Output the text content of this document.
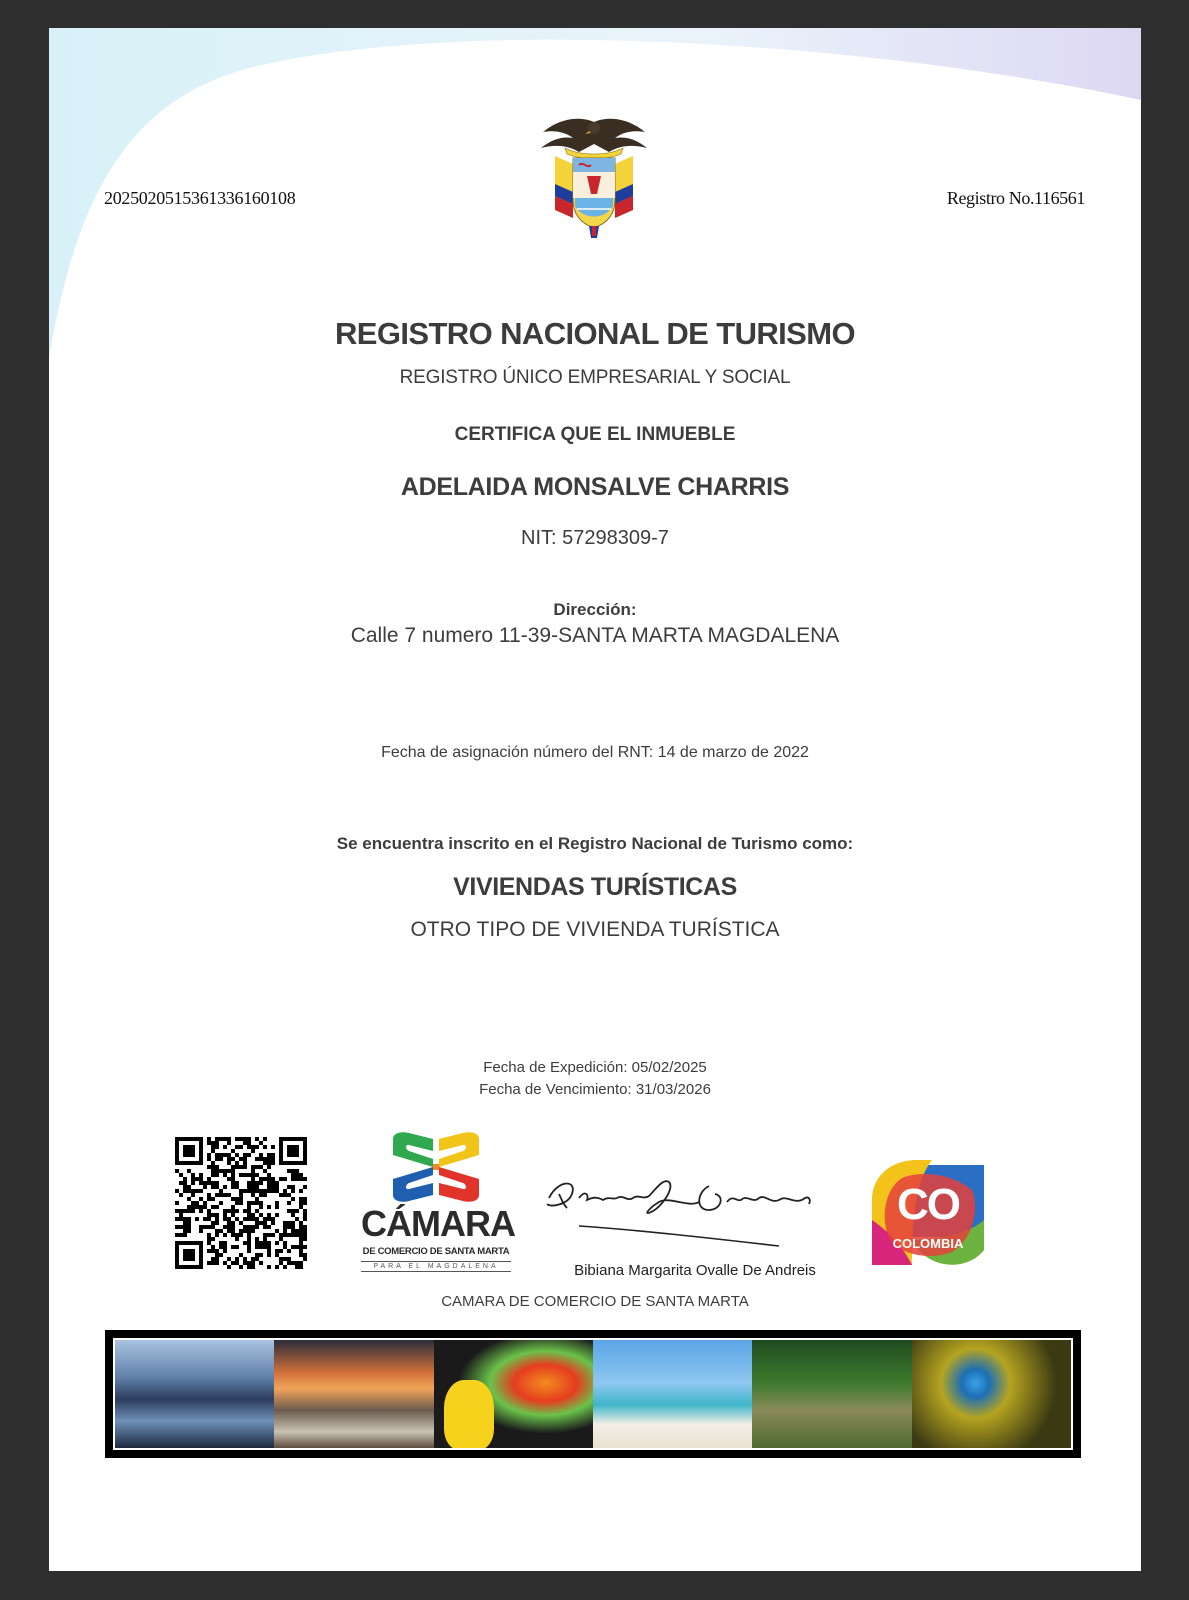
20250205153613361601​08	Registro No.116561
REGISTRO NACIONAL DE TURISMO
REGISTRO ÚNICO EMPRESARIAL Y SOCIAL
CERTIFICA QUE EL INMUEBLE
ADELAIDA MONSALVE CHARRIS
NIT: 57298309-7
Dirección:
Calle 7 numero 11-39-SANTA MARTA MAGDALENA
Fecha de asignación número del RNT: 14 de marzo de 2022
Se encuentra inscrito en el Registro Nacional de Turismo como:
VIVIENDAS TURÍSTICAS
OTRO TIPO DE VIVIENDA TURÍSTICA
Fecha de Expedición: 05/02/2025
Fecha de Vencimiento: 31/03/2026
CÁMARA
DE COMERCIO DE SANTA MARTA
PARA EL MAGDALENA	Bibiana Margarita Ovalle De Andreis
CO
COLOMBIA
CAMARA DE COMERCIO DE SANTA MARTA
